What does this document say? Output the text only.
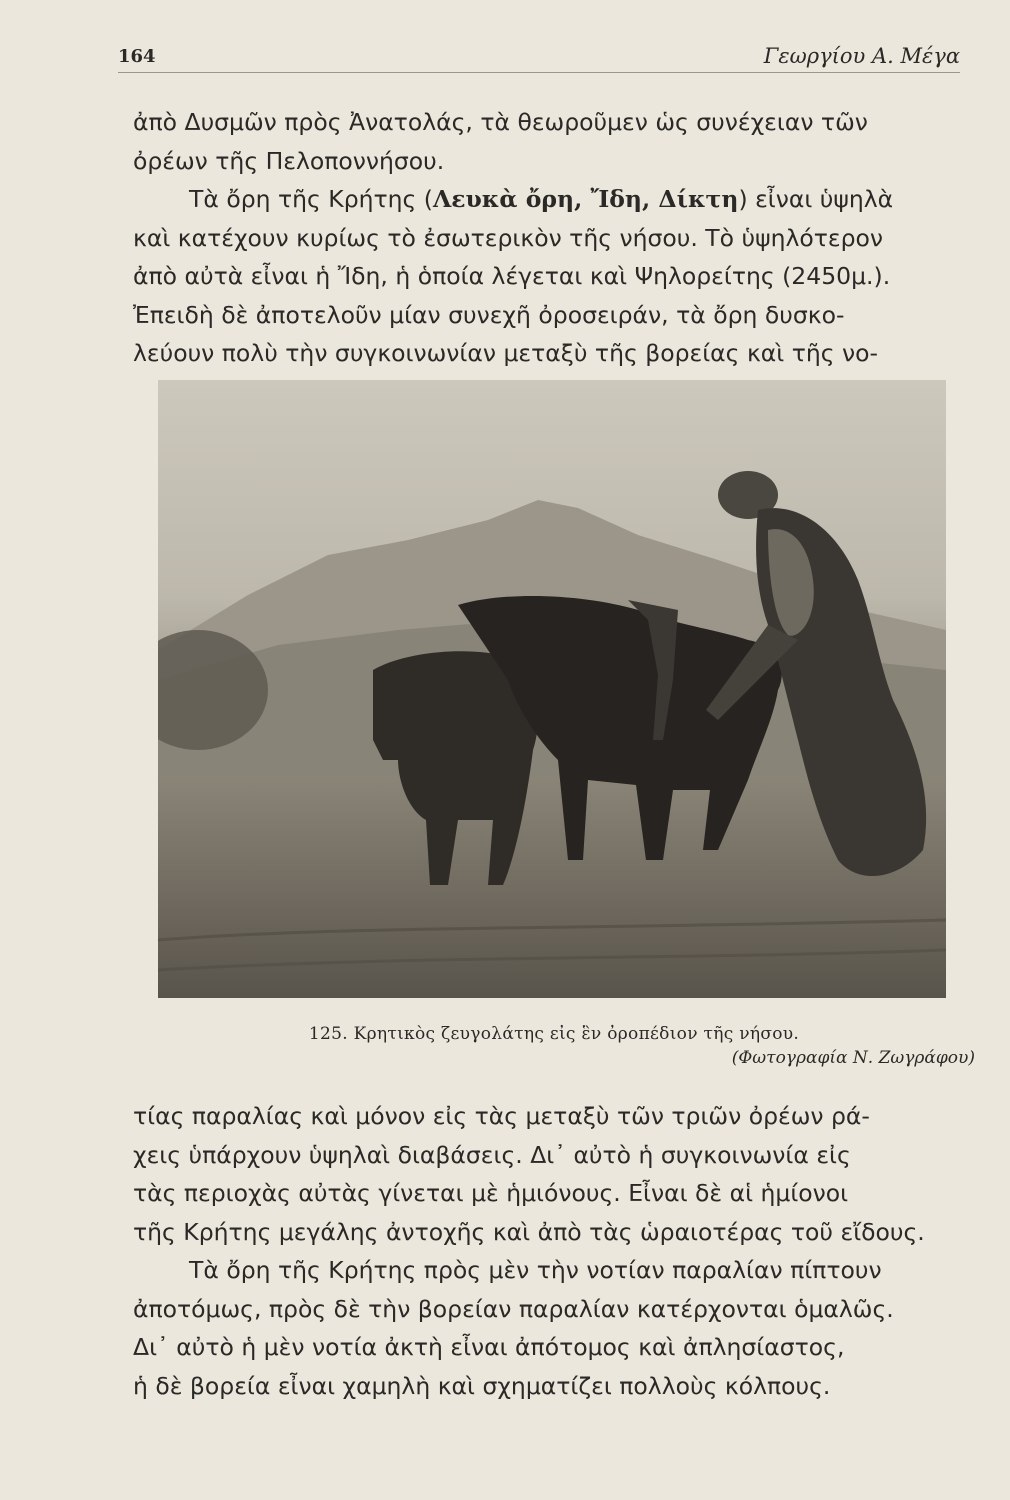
164	Γεωργίου Α. Μέγα
ἀπὸ Δυσμῶν πρὸς Ἀνατολάς, τὰ θεωροῦμεν ὡς συνέχειαν τῶν
ὀρέων τῆς Πελοποννήσου.
Τὰ ὄρη τῆς Κρήτης (Λευκὰ ὄρη, Ἴδη, Δίκτη) εἶναι ὑψηλὰ
καὶ κατέχουν κυρίως τὸ ἐσωτερικὸν τῆς νήσου. Τὸ ὑψηλότερον
ἀπὸ αὐτὰ εἶναι ἡ Ἴδη, ἡ ὁποία λέγεται καὶ Ψηλορείτης (2450μ.).
Ἐπειδὴ δὲ ἀποτελοῦν μίαν συνεχῆ ὀροσειράν, τὰ ὄρη δυσκο-
λεύουν πολὺ τὴν συγκοινωνίαν μεταξὺ τῆς βορείας καὶ τῆς νο-
125. Κρητικὸς ζευγολάτης εἰς ἓν ὀροπέδιον τῆς νήσου.
(Φωτογραφία Ν. Ζωγράφου)
τίας παραλίας καὶ μόνον εἰς τὰς μεταξὺ τῶν τριῶν ὀρέων ρά-
χεις ὑπάρχουν ὑψηλαὶ διαβάσεις. Δι᾿ αὐτὸ ἡ συγκοινωνία εἰς
τὰς περιοχὰς αὐτὰς γίνεται μὲ ἡμιόνους. Εἶναι δὲ αἱ ἡμίονοι
τῆς Κρήτης μεγάλης ἀντοχῆς καὶ ἀπὸ τὰς ὡραιοτέρας τοῦ εἴδους.
Τὰ ὄρη τῆς Κρήτης πρὸς μὲν τὴν νοτίαν παραλίαν πίπτουν
ἀποτόμως, πρὸς δὲ τὴν βορείαν παραλίαν κατέρχονται ὁμαλῶς.
Δι᾿ αὐτὸ ἡ μὲν νοτία ἀκτὴ εἶναι ἀπότομος καὶ ἀπλησίαστος,
ἡ δὲ βορεία εἶναι χαμηλὴ καὶ σχηματίζει πολλοὺς κόλπους.
